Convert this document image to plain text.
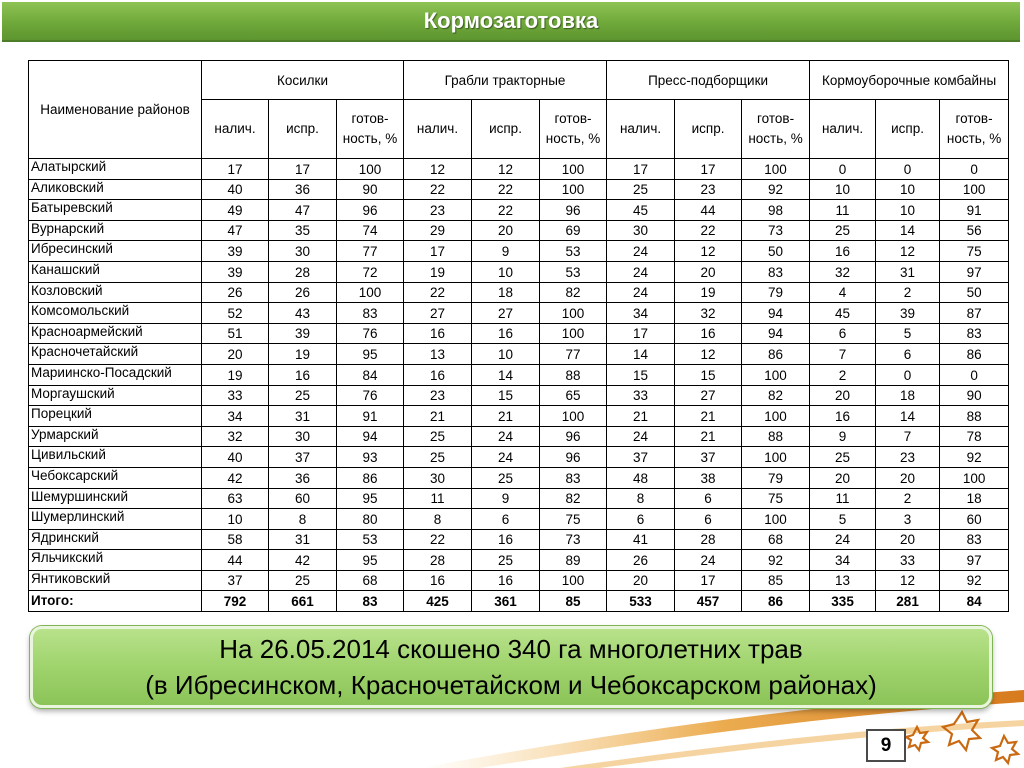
Кормозаготовка
Наименование районов	Косилки			Грабли тракторные			Пресс-подборщики			Кормоуборочные комбайны		
	налич.	испр.	готов-ность, %	налич.	испр.	готов-ность, %	налич.	испр.	готов-ность, %	налич.	испр.	готов-ность, %
Алатырский	17	17	100	12	12	100	17	17	100	0	0	0
Аликовский	40	36	90	22	22	100	25	23	92	10	10	100
Батыревский	49	47	96	23	22	96	45	44	98	11	10	91
Вурнарский	47	35	74	29	20	69	30	22	73	25	14	56
Ибресинский	39	30	77	17	9	53	24	12	50	16	12	75
Канашский	39	28	72	19	10	53	24	20	83	32	31	97
Козловский	26	26	100	22	18	82	24	19	79	4	2	50
Комсомольский	52	43	83	27	27	100	34	32	94	45	39	87
Красноармейский	51	39	76	16	16	100	17	16	94	6	5	83
Красночетайский	20	19	95	13	10	77	14	12	86	7	6	86
Мариинско-Посадский	19	16	84	16	14	88	15	15	100	2	0	0
Моргаушский	33	25	76	23	15	65	33	27	82	20	18	90
Порецкий	34	31	91	21	21	100	21	21	100	16	14	88
Урмарский	32	30	94	25	24	96	24	21	88	9	7	78
Цивильский	40	37	93	25	24	96	37	37	100	25	23	92
Чебоксарский	42	36	86	30	25	83	48	38	79	20	20	100
Шемуршинский	63	60	95	11	9	82	8	6	75	11	2	18
Шумерлинский	10	8	80	8	6	75	6	6	100	5	3	60
Ядринский	58	31	53	22	16	73	41	28	68	24	20	83
Яльчикский	44	42	95	28	25	89	26	24	92	34	33	97
Янтиковский	37	25	68	16	16	100	20	17	85	13	12	92
Итого:	792	661	83	425	361	85	533	457	86	335	281	84
На 26.05.2014 скошено 340 га многолетних трав
(в Ибресинском, Красночетайском и Чебоксарском районах)
9
